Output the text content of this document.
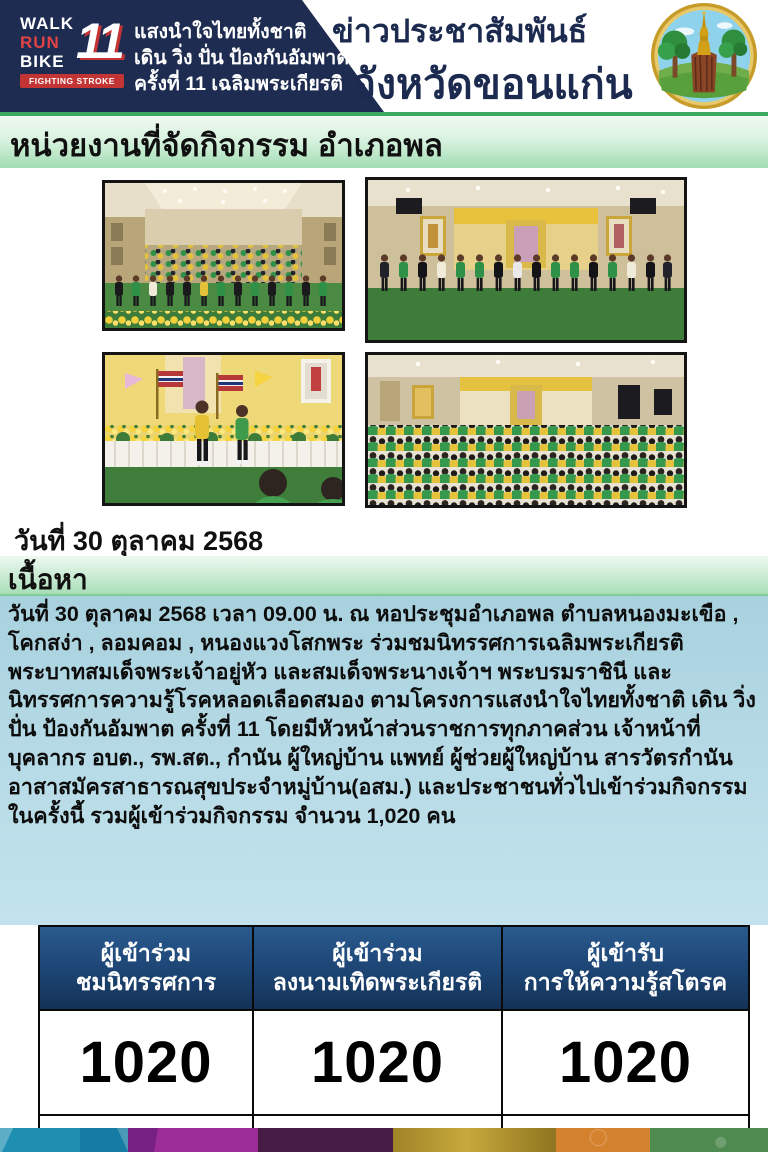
WALK
RUN
BIKE 11
FIGHTING STROKE
แสงนำใจไทยทั้งชาติ
เดิน วิ่ง ปั่น ป้องกันอัมพาต
ครั้งที่ 11 เฉลิมพระเกียรติ
ข่าวประชาสัมพันธ์
จังหวัดขอนแก่น
หน่วยงานที่จัดกิจกรรม อำเภอพล
วันที่ 30 ตุลาคม 2568
เนื้อหา
วันที่ 30 ตุลาคม 2568 เวลา 09.00 น. ณ หอประชุมอำเภอพล ตำบลหนองมะเขือ , โคกสง่า , ลอมคอม , หนองแวงโสกพระ ร่วมชมนิทรรศการเฉลิมพระเกียรติพระบาทสมเด็จพระเจ้าอยู่หัว และสมเด็จพระนางเจ้าฯ พระบรมราชินี และนิทรรศการความรู้โรคหลอดเลือดสมอง ตามโครงการแสงนำใจไทยทั้งชาติ เดิน วิ่ง ปั่น ป้องกันอัมพาต ครั้งที่ 11 โดยมีหัวหน้าส่วนราชการทุกภาคส่วน เจ้าหน้าที่บุคลากร อบต., รพ.สต., กำนัน ผู้ใหญ่บ้าน แพทย์ ผู้ช่วยผู้ใหญ่บ้าน สารวัตรกำนัน อาสาสมัครสาธารณสุขประจำหมู่บ้าน(อสม.) และประชาชนทั่วไปเข้าร่วมกิจกรรมในครั้งนี้ รวมผู้เข้าร่วมกิจกรรม จำนวน 1,020 คน
ผู้เข้าร่วม
ชมนิทรรศการ
ผู้เข้าร่วม
ลงนามเทิดพระเกียรติ
ผู้เข้ารับ
การให้ความรู้สโตรค
1020	1020	1020
